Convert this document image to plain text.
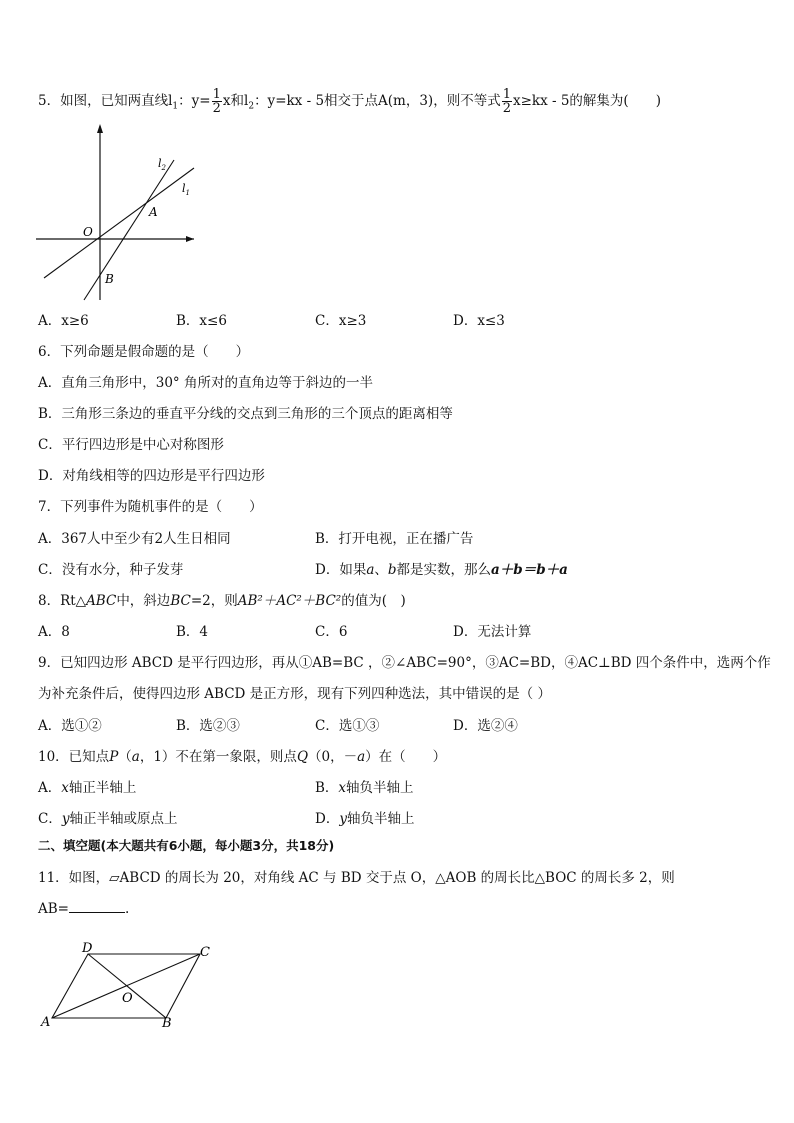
5．如图，已知两直线$l_1$：$y= \frac{1}{2}$ x和$l_2$：y=kx - 5相交于点A(m，3)，则不等式 $\frac{1}{2} x\ge kx - 5$的解集为(　　)
$l_2$
$l_1$
A
O
B
A．x≥6	B．x≤6	C．x≥3	D．x≤3
6．下列命题是假命题的是（　　）
A．直角三角形中，30° 角所对的直角边等于斜边的一半
B．三角形三条边的垂直平分线的交点到三角形的三个顶点的距离相等
C．平行四边形是中心对称图形
D．对角线相等的四边形是平行四边形
7．下列事件为随机事件的是（　　）
A．367人中至少有2人生日相同	B．打开电视，正在播广告
C．没有水分，种子发芽	D．如果a、b都是实数，那么a＋b＝b＋a
8．Rt△ABC中，斜边BC=2，则AB²＋AC²＋BC²的值为(　)
A．8	B．4	C．6	D．无法计算
9．已知四边形 ABCD 是平行四边形，再从①AB=BC ，②∠ABC=90°，③AC=BD，④AC⊥BD 四个条件中，选两个作
为补充条件后，使得四边形 ABCD 是正方形，现有下列四种选法，其中错误的是（ ）
A．选①②	B．选②③	C．选①③	D．选②④
10．已知点P（a，1）不在第一象限，则点Q（0，－a）在（　　）
A．x轴正半轴上	B．x轴负半轴上
C．y轴正半轴或原点上	D．y轴负半轴上
二、填空题(本大题共有6小题，每小题3分，共18分)
11．如图，▱ABCD 的周长为 20，对角线 AC 与 BD 交于点 O，△AOB 的周长比△BOC 的周长多 2，则
AB=	.
D	C
O
A	B
